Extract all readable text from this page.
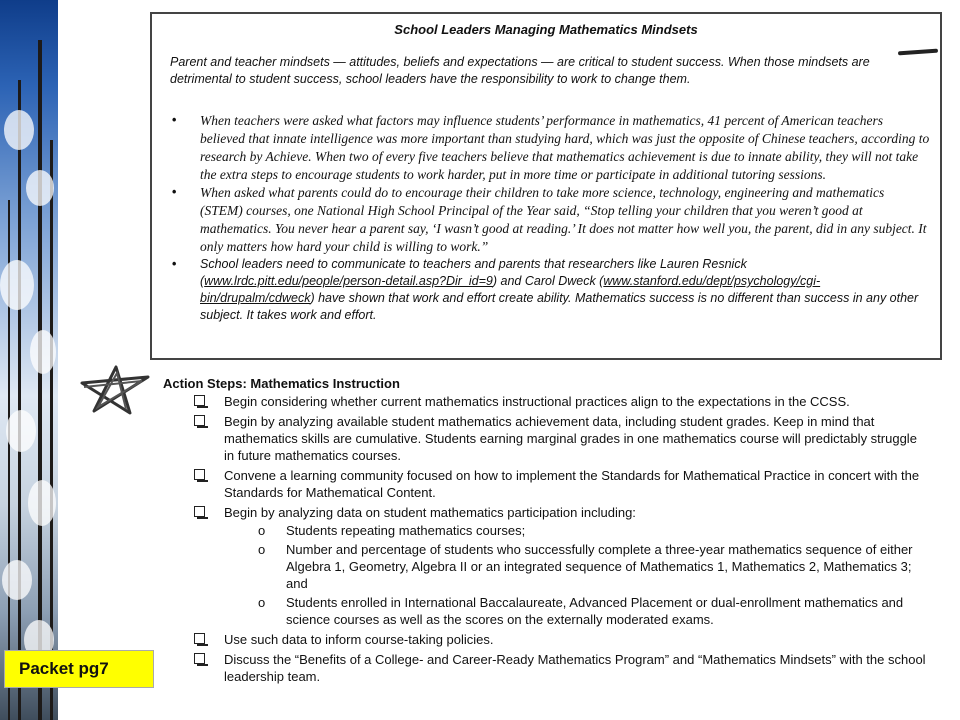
School Leaders Managing Mathematics Mindsets
Parent and teacher mindsets — attitudes, beliefs and expectations — are critical to student success. When those mindsets are detrimental to student success, school leaders have the responsibility to work to change them.
• When teachers were asked what factors may influence students’ performance in mathematics, 41 percent of American teachers believed that innate intelligence was more important than studying hard, which was just the opposite of Chinese teachers, according to research by Achieve. When two of every five teachers believe that mathematics achievement is due to innate ability, they will not take the extra steps to encourage students to work harder, put in more time or participate in additional tutoring sessions.
• When asked what parents could do to encourage their children to take more science, technology, engineering and mathematics (STEM) courses, one National High School Principal of the Year said, “Stop telling your children that you weren’t good at mathematics. You never hear a parent say, ‘I wasn’t good at reading.’ It does not matter how well you, the parent, did in any subject. It only matters how hard your child is willing to work.”
• School leaders need to communicate to teachers and parents that researchers like Lauren Resnick (www.lrdc.pitt.edu/people/person-detail.asp?Dir_id=9) and Carol Dweck (www.stanford.edu/dept/psychology/cgi-bin/drupalm/cdweck) have shown that work and effort create ability. Mathematics success is no different than success in any other subject. It takes work and effort.
Action Steps: Mathematics Instruction
Begin considering whether current mathematics instructional practices align to the expectations in the CCSS.
Begin by analyzing available student mathematics achievement data, including student grades. Keep in mind that mathematics skills are cumulative. Students earning marginal grades in one mathematics course will predictably struggle in future mathematics courses.
Convene a learning community focused on how to implement the Standards for Mathematical Practice in concert with the Standards for Mathematical Content.
Begin by analyzing data on student mathematics participation including:
o Students repeating mathematics courses;
o Number and percentage of students who successfully complete a three-year mathematics sequence of either Algebra 1, Geometry, Algebra II or an integrated sequence of Mathematics 1, Mathematics 2, Mathematics 3; and
o Students enrolled in International Baccalaureate, Advanced Placement or dual-enrollment mathematics and science courses as well as the scores on the externally moderated exams.
Use such data to inform course-taking policies.
Discuss the “Benefits of a College- and Career-Ready Mathematics Program” and “Mathematics Mindsets” with the school leadership team.
Packet pg7
